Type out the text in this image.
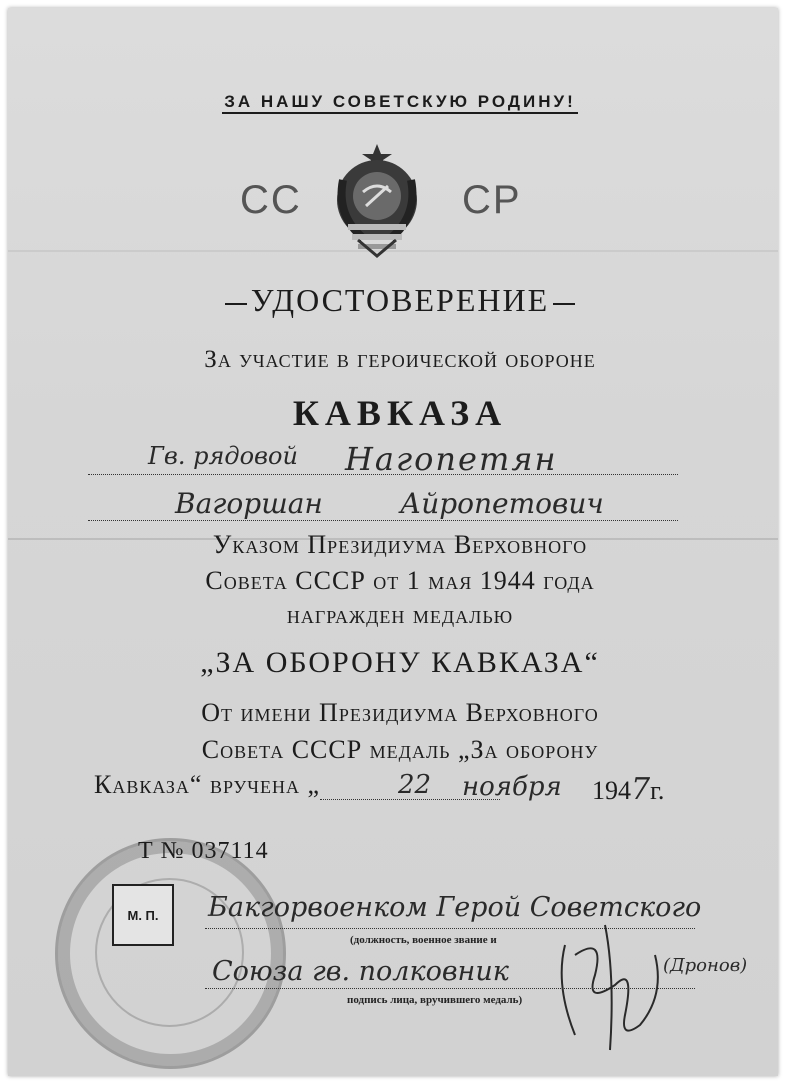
ЗА НАШУ СОВЕТСКУЮ РОДИНУ!
СС	СР
УДОСТОВЕРЕНИЕ
За участие в героической обороне
КАВКАЗА
Гв. рядовой Нагопетян
Вагоршан	Айропетович
Указом Президиума Верховного
Совета СССР от 1 мая 1944 года
награжден медалью
„ЗА ОБОРОНУ КАВКАЗА“
От имени Президиума Верховного
Совета СССР медаль „За оборону
Кавказа“ вручена „	22 ноября 1947г.
Т № 037114
М. П.	Бакгорвоенком Герой Советского
(должность, военное звание и
Союза гв. полковник
подпись лица, вручившего медаль)
(Дронов)
